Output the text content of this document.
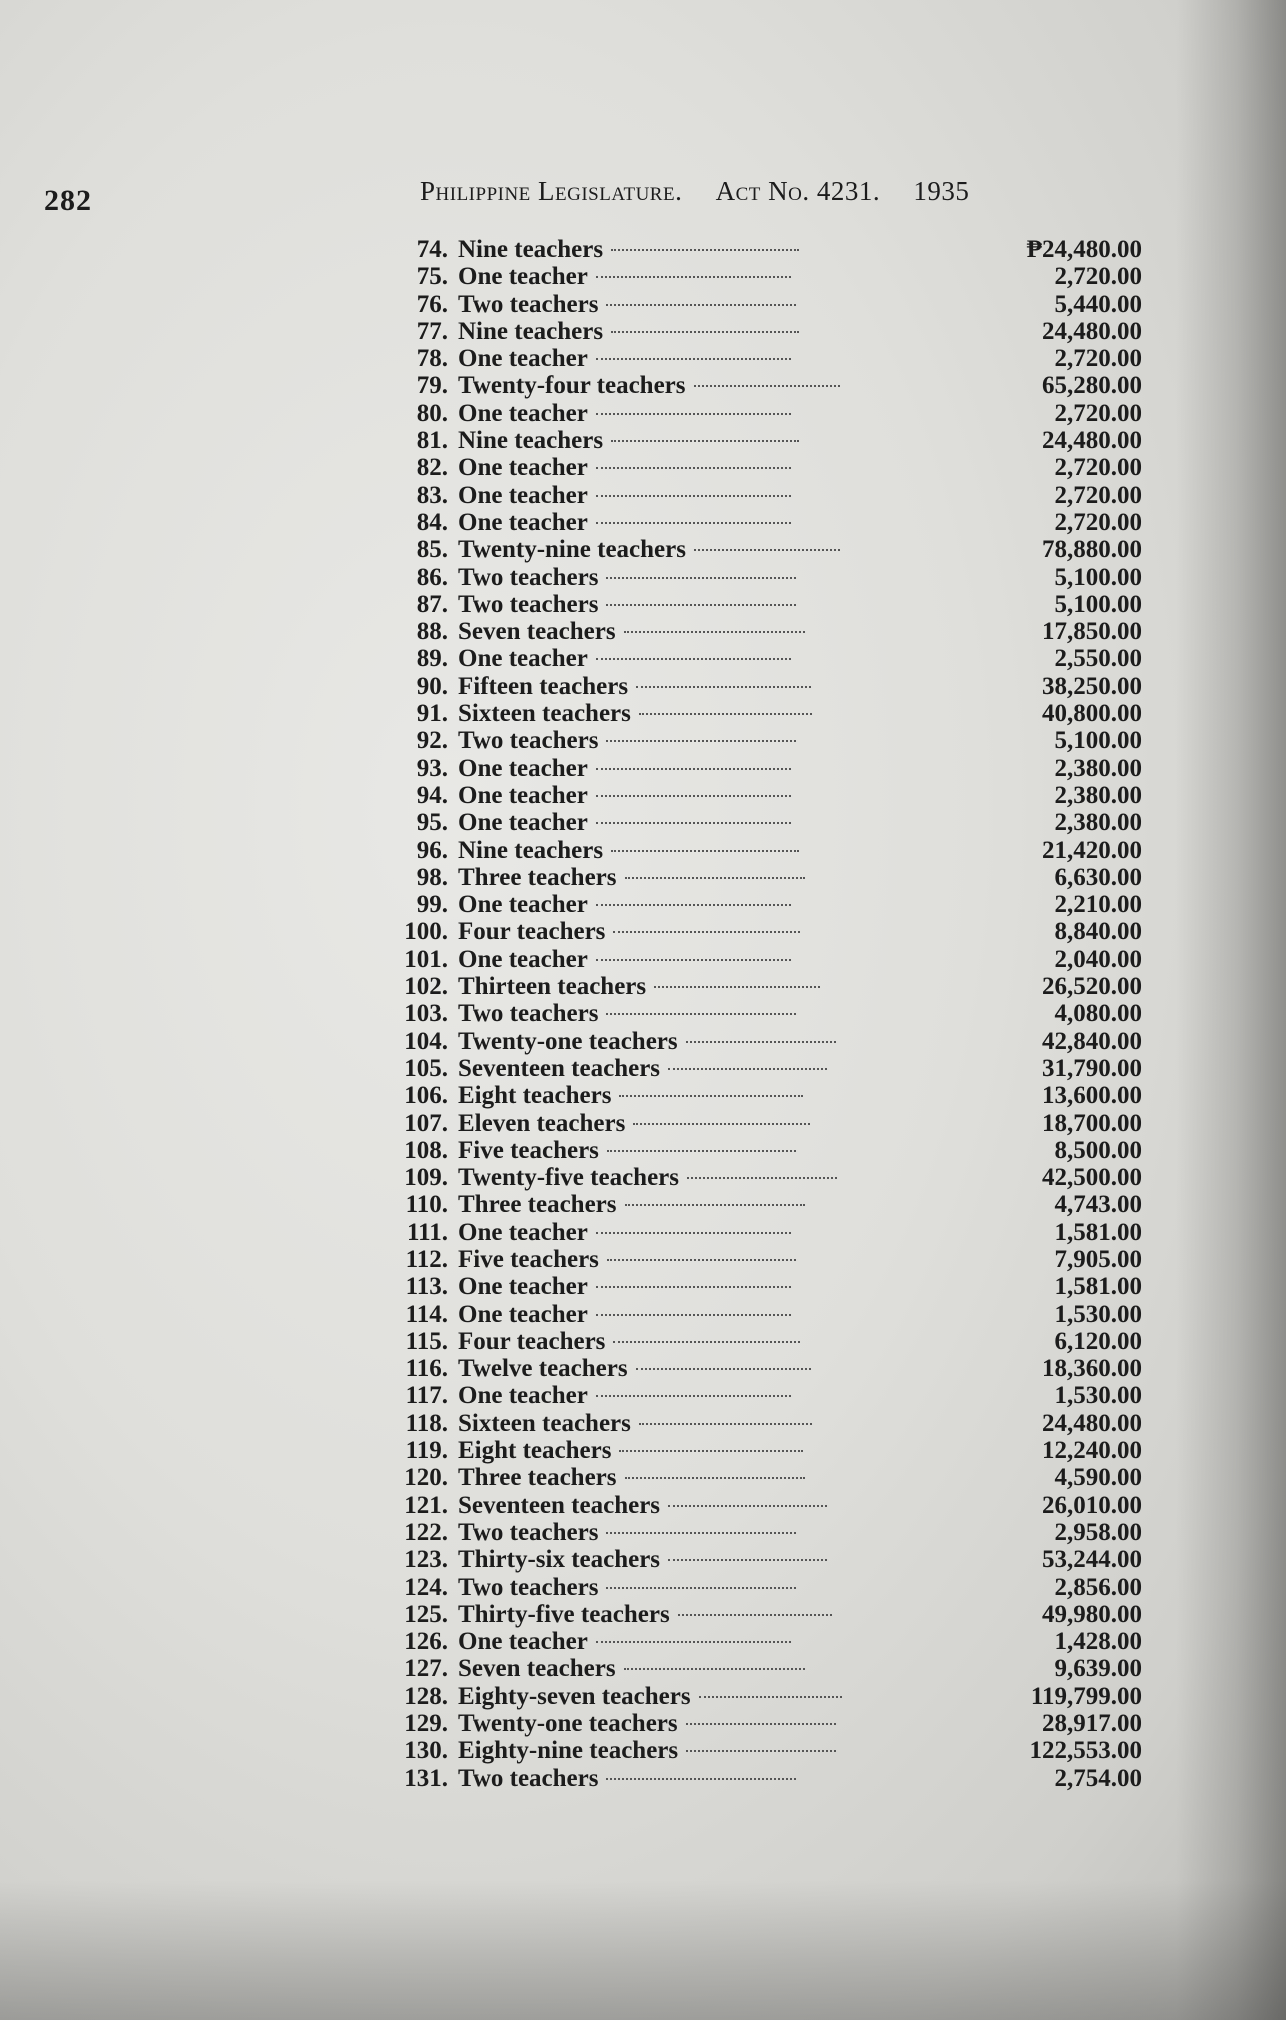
282	Philippine Legislature. Act No. 4231. 1935
74. Nine teachers	₱24,480.00
75. One teacher	2,720.00
76. Two teachers	5,440.00
77. Nine teachers	24,480.00
78. One teacher	2,720.00
79. Twenty-four teachers	65,280.00
80. One teacher	2,720.00
81. Nine teachers	24,480.00
82. One teacher	2,720.00
83. One teacher	2,720.00
84. One teacher	2,720.00
85. Twenty-nine teachers	78,880.00
86. Two teachers	5,100.00
87. Two teachers	5,100.00
88. Seven teachers	17,850.00
89. One teacher	2,550.00
90. Fifteen teachers	38,250.00
91. Sixteen teachers	40,800.00
92. Two teachers	5,100.00
93. One teacher	2,380.00
94. One teacher	2,380.00
95. One teacher	2,380.00
96. Nine teachers	21,420.00
98. Three teachers	6,630.00
99. One teacher	2,210.00
100. Four teachers	8,840.00
101. One teacher	2,040.00
102. Thirteen teachers	26,520.00
103. Two teachers	4,080.00
104. Twenty-one teachers	42,840.00
105. Seventeen teachers	31,790.00
106. Eight teachers	13,600.00
107. Eleven teachers	18,700.00
108. Five teachers	8,500.00
109. Twenty-five teachers	42,500.00
110. Three teachers	4,743.00
111. One teacher	1,581.00
112. Five teachers	7,905.00
113. One teacher	1,581.00
114. One teacher	1,530.00
115. Four teachers	6,120.00
116. Twelve teachers	18,360.00
117. One teacher	1,530.00
118. Sixteen teachers	24,480.00
119. Eight teachers	12,240.00
120. Three teachers	4,590.00
121. Seventeen teachers	26,010.00
122. Two teachers	2,958.00
123. Thirty-six teachers	53,244.00
124. Two teachers	2,856.00
125. Thirty-five teachers	49,980.00
126. One teacher	1,428.00
127. Seven teachers	9,639.00
128. Eighty-seven teachers	119,799.00
129. Twenty-one teachers	28,917.00
130. Eighty-nine teachers	122,553.00
131. Two teachers	2,754.00
